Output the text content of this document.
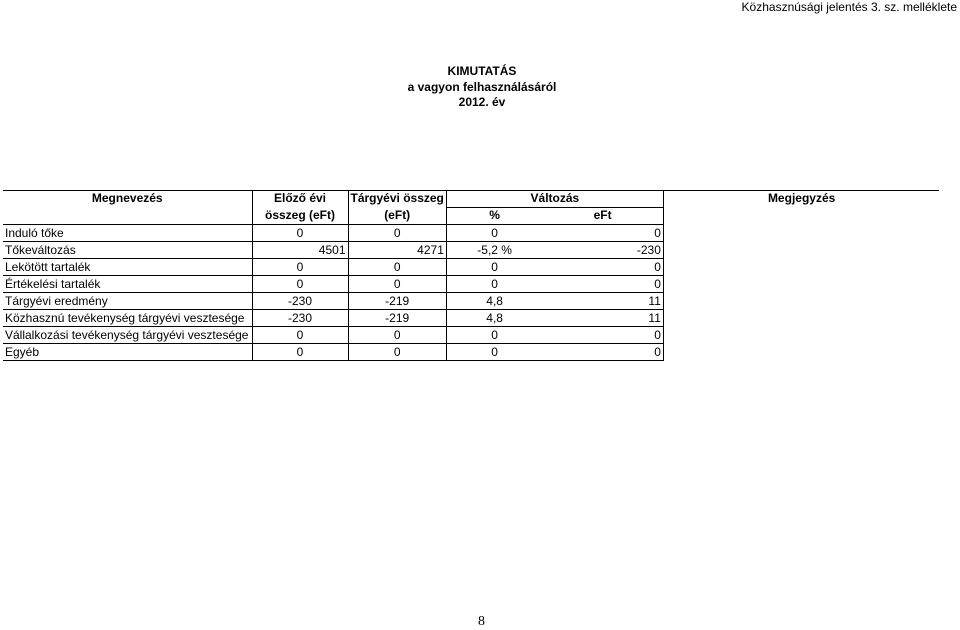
Közhasznúsági jelentés 3. sz. melléklete
KIMUTATÁS
a vagyon felhasználásáról
2012. év
Megnevezés	Előző évi	Tárgyévi összeg	Változás		Megjegyzés
	összeg (eFt)	(eFt)	%	eFt	
Induló tőke	0	0	0	0	
Tőkeváltozás	4501	4271	-5,2 %	-230	
Lekötött tartalék	0	0	0	0	
Értékelési tartalék	0	0	0	0	
Tárgyévi eredmény	-230	-219	4,8	11	
Közhasznú tevékenység tárgyévi vesztesége	-230	-219	4,8	11	
Vállalkozási tevékenység tárgyévi vesztesége	0	0	0	0	
Egyéb	0	0	0	0	
8
